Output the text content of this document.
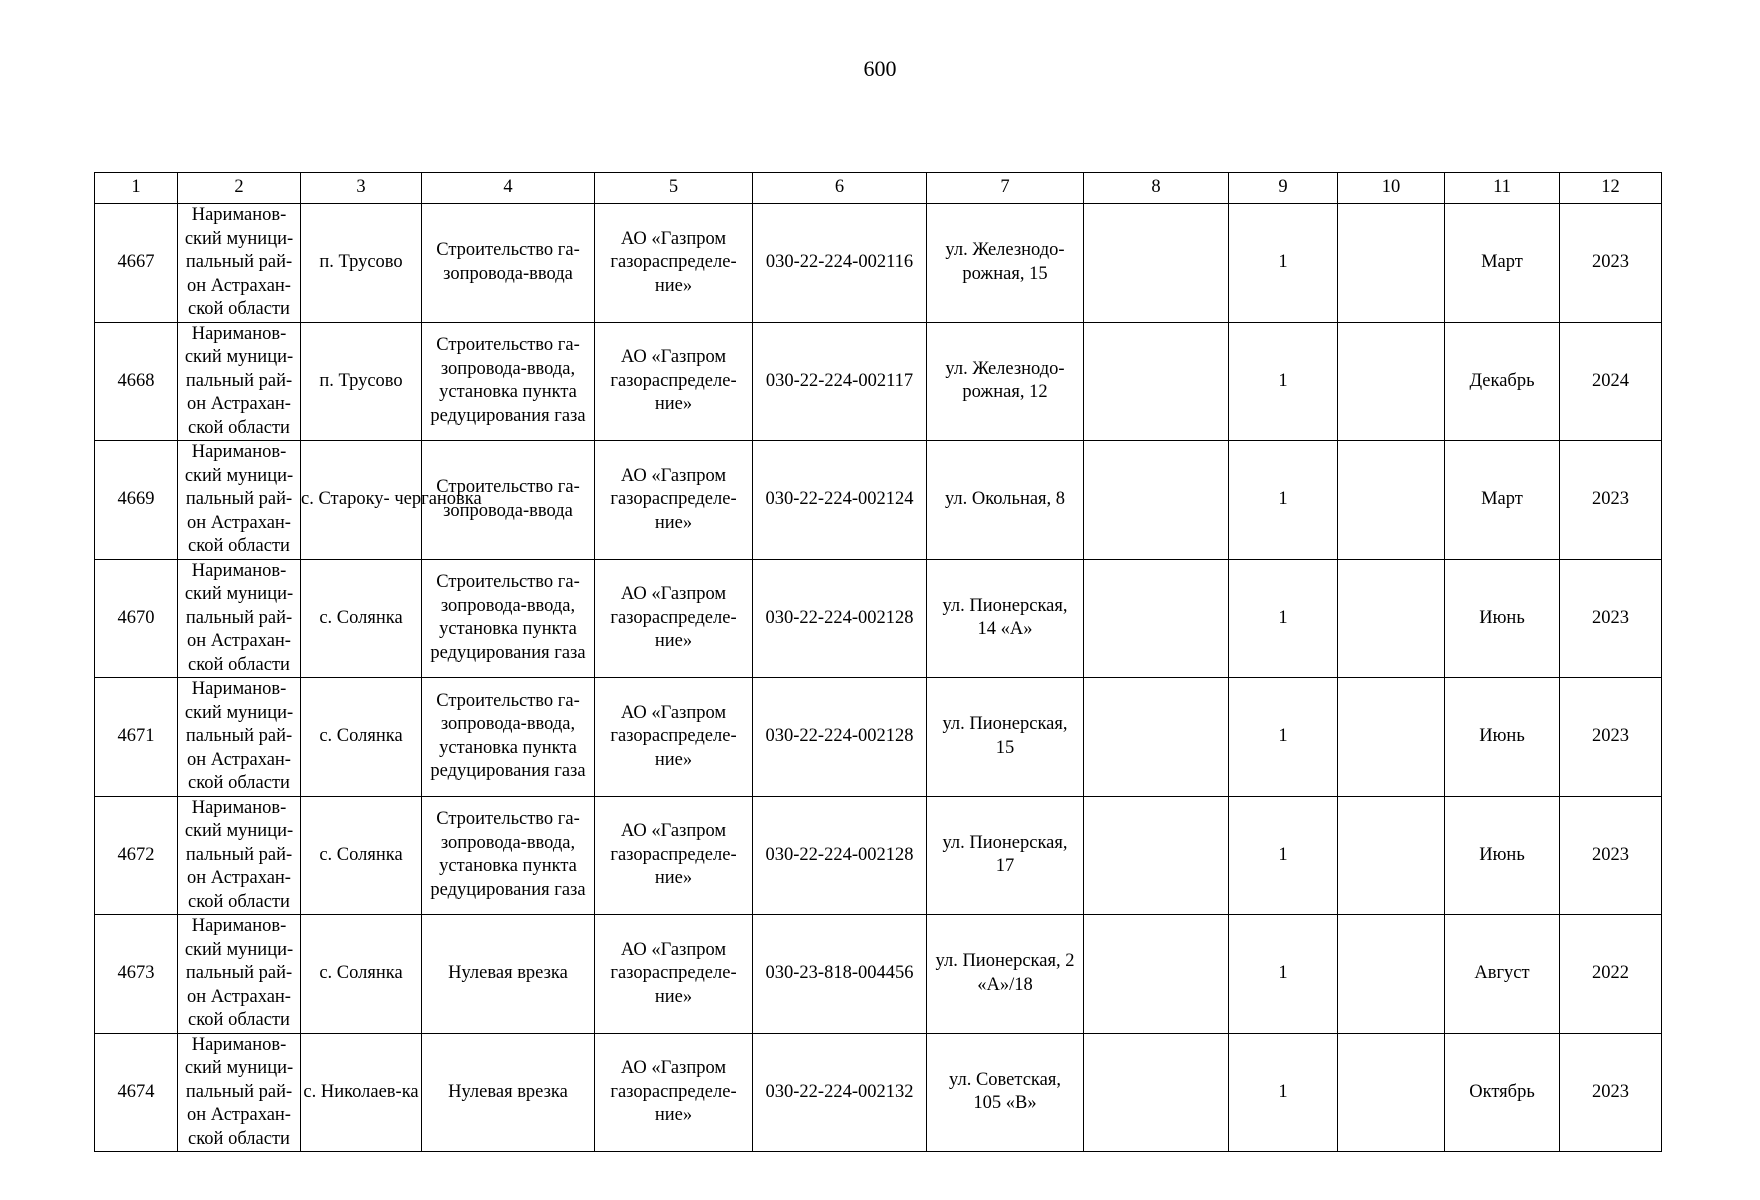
600
1	2	3	4	5	6	7	8	9	10	11	12
4667	Нариманов-
ский муници-
пальный рай-
он Астрахан-
ской области	п. Трусово	Строительство га-
зопровода-ввода	АО «Газпром
газораспределе-
ние»	030-22-224-002116	ул. Железнодо-
рожная, 15		1		Март	2023
4668	Нариманов-
ский муници-
пальный рай-
он Астрахан-
ской области	п. Трусово	Строительство га-
зопровода-ввода,
установка пункта
редуцирования газа	АО «Газпром
газораспределе-
ние»	030-22-224-002117	ул. Железнодо-
рожная, 12		1		Декабрь	2024
4669	Нариманов-
ский муници-
пальный рай-
он Астрахан-
ской области	с. Староку- чергановка	Строительство га-
зопровода-ввода	АО «Газпром
газораспределе-
ние»	030-22-224-002124	ул. Окольная, 8		1		Март	2023
4670	Нариманов-
ский муници-
пальный рай-
он Астрахан-
ской области	с. Солянка	Строительство га-
зопровода-ввода,
установка пункта
редуцирования газа	АО «Газпром
газораспределе-
ние»	030-22-224-002128	ул. Пионерская,
14 «А»		1		Июнь	2023
4671	Нариманов-
ский муници-
пальный рай-
он Астрахан-
ской области	с. Солянка	Строительство га-
зопровода-ввода,
установка пункта
редуцирования газа	АО «Газпром
газораспределе-
ние»	030-22-224-002128	ул. Пионерская,
15		1		Июнь	2023
4672	Нариманов-
ский муници-
пальный рай-
он Астрахан-
ской области	с. Солянка	Строительство га-
зопровода-ввода,
установка пункта
редуцирования газа	АО «Газпром
газораспределе-
ние»	030-22-224-002128	ул. Пионерская,
17		1		Июнь	2023
4673	Нариманов-
ский муници-
пальный рай-
он Астрахан-
ской области	с. Солянка	Нулевая врезка	АО «Газпром
газораспределе-
ние»	030-23-818-004456	ул. Пионерская, 2
«А»/18		1		Август	2022
4674	Нариманов-
ский муници-
пальный рай-
он Астрахан-
ской области	с. Николаев-ка	Нулевая врезка	АО «Газпром
газораспределе-
ние»	030-22-224-002132	ул. Советская,
105 «В»		1		Октябрь	2023
